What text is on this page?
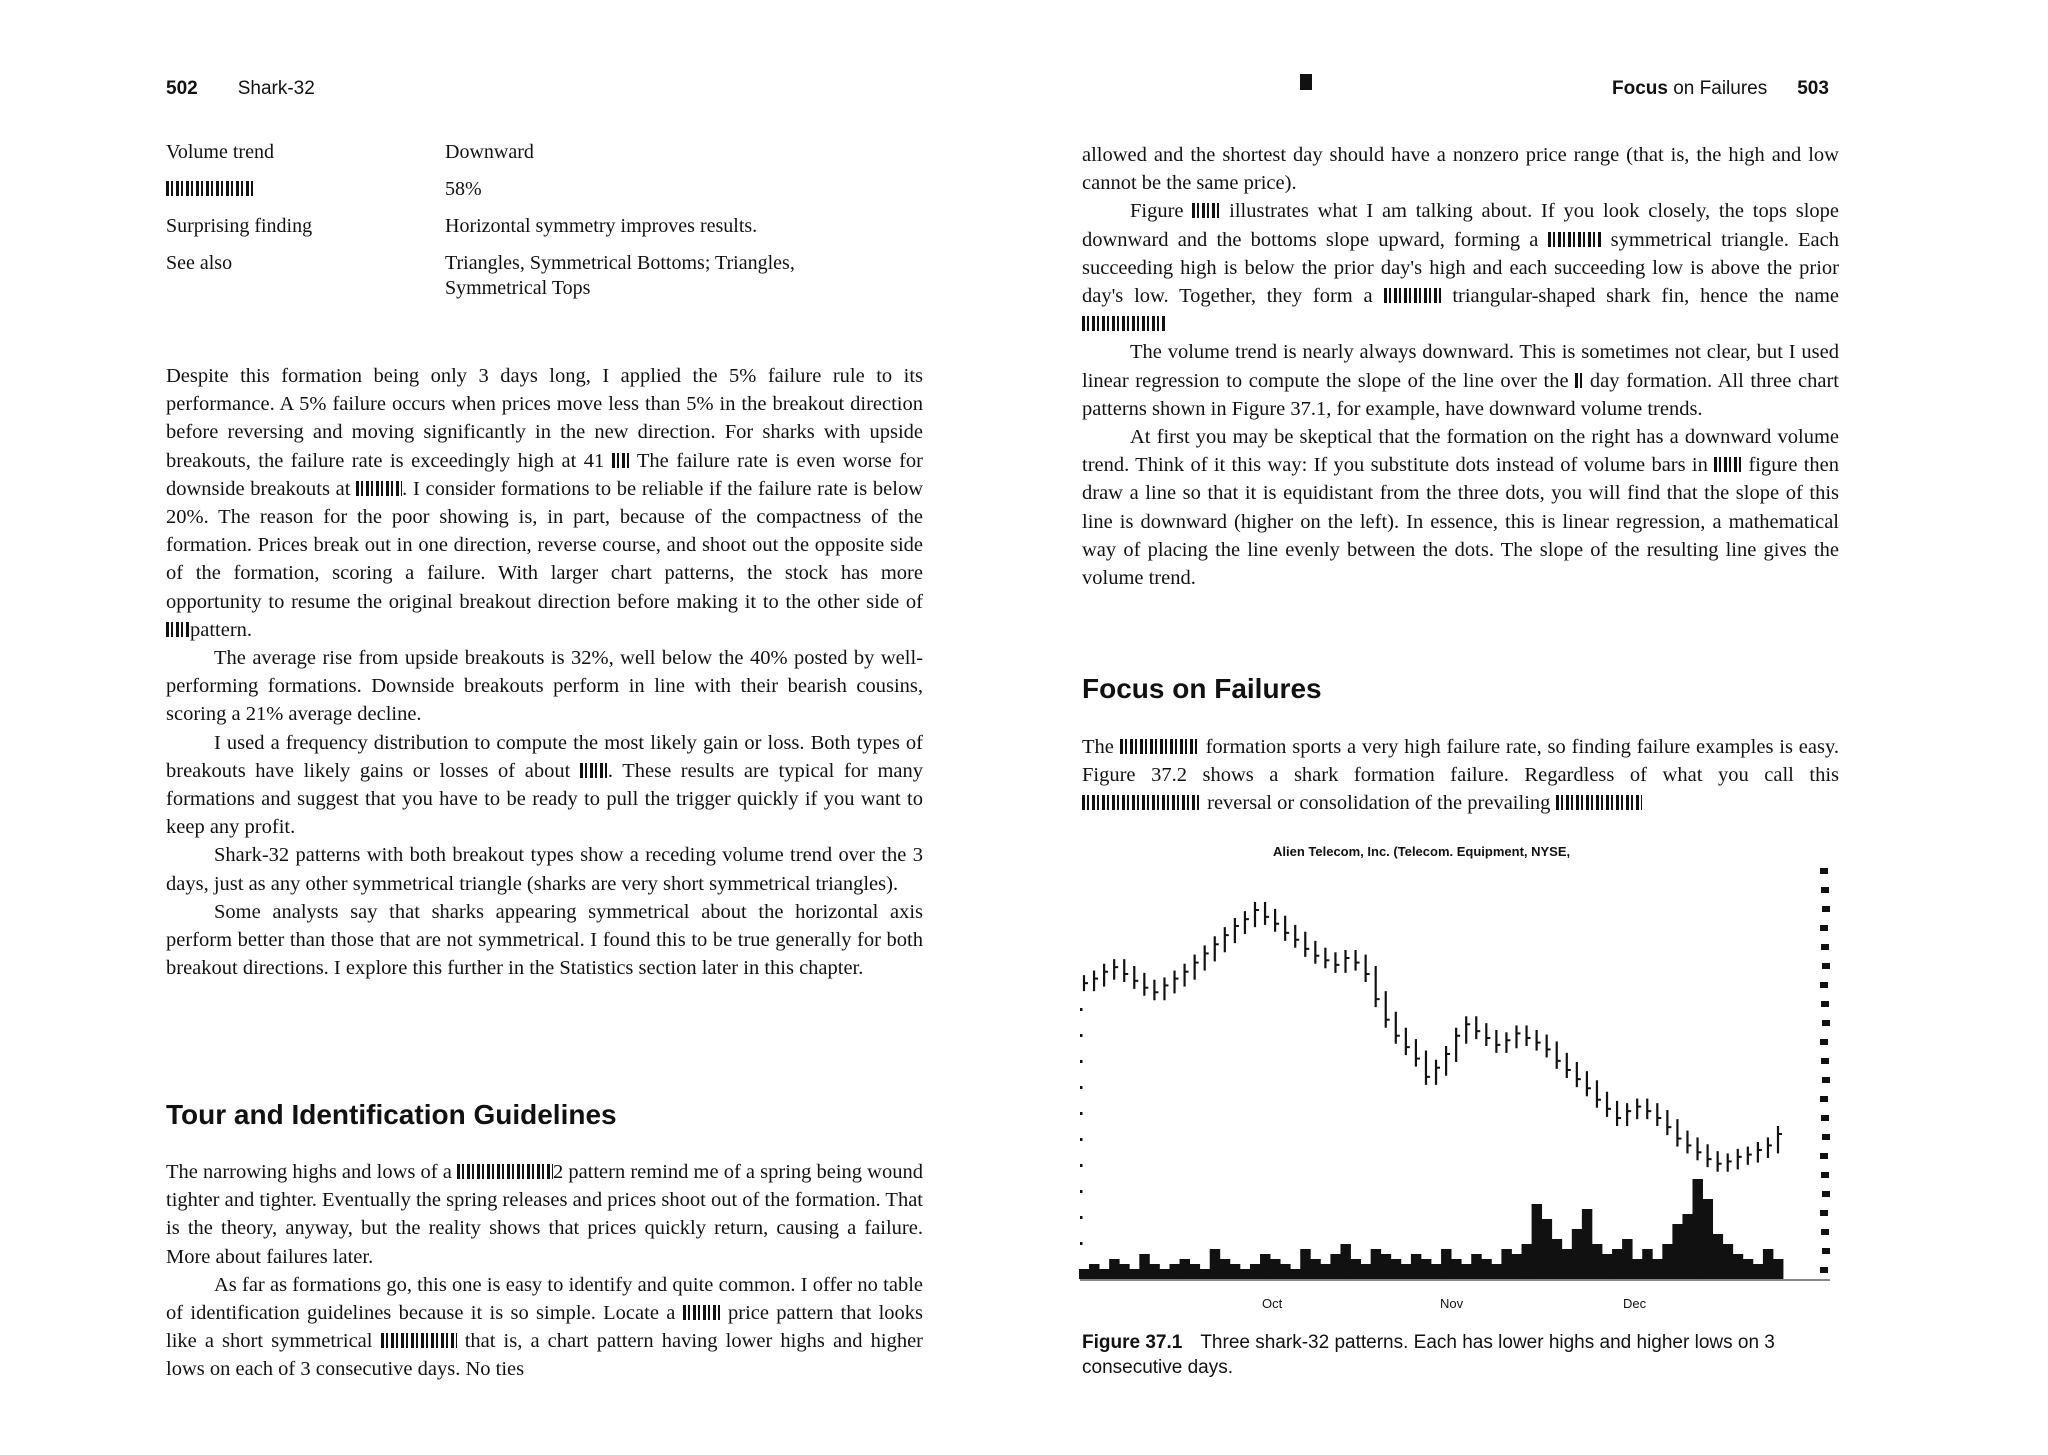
502 Shark-32
Volume trend	Downward
	58%
Surprising finding	Horizontal symmetry improves results.
See also	Triangles, Symmetrical Bottoms; Triangles, Symmetrical Tops

Despite this formation being only 3 days long, I applied the 5% failure rule to its performance. A 5% failure occurs when prices move less than 5% in the breakout direction before reversing and moving significantly in the new direction. For sharks with upside breakouts, the failure rate is exceedingly high at 41 The failure rate is even worse for downside breakouts at	. I consider formations to be reliable if the failure rate is below 20%. The reason for the poor showing is, in part, because of the compactness of the formation. Prices break out in one direction, reverse course, and shoot out the opposite side of the formation, scoring a failure. With larger chart patterns, the stock has more opportunity to resume the original breakout direction before making it to the other side of pattern.

The average rise from upside breakouts is 32%, well below the 40% posted by well-performing formations. Downside breakouts perform in line with their bearish cousins, scoring a 21% average decline.

I used a frequency distribution to compute the most likely gain or loss. Both types of breakouts have likely gains or losses of about . These results are typical for many formations and suggest that you have to be ready to pull the trigger quickly if you want to keep any profit.

Shark-32 patterns with both breakout types show a receding volume trend over the 3 days, just as any other symmetrical triangle (sharks are very short symmetrical triangles).

Some analysts say that sharks appearing symmetrical about the horizontal axis perform better than those that are not symmetrical. I found this to be true generally for both breakout directions. I explore this further in the Statistics section later in this chapter.

Tour and Identification Guidelines

The narrowing highs and lows of a	2 pattern remind me of a spring being wound tighter and tighter. Eventually the spring releases and prices shoot out of the formation. That is the theory, anyway, but the reality shows that prices quickly return, causing a failure. More about failures later.

As far as formations go, this one is easy to identify and quite common. I offer no table of identification guidelines because it is so simple. Locate a	price pattern that looks like a short symmetrical	that is, a chart pattern having lower highs and higher lows on each of 3 consecutive days. No ties

Focus on Failures 503

allowed and the shortest day should have a nonzero price range (that is, the high and low cannot be the same price).

Figure illustrates what I am talking about. If you look closely, the tops slope downward and the bottoms slope upward, forming a	symmetrical triangle. Each succeeding high is below the prior day's high and each succeeding low is above the prior day's low. Together, they form a	triangular-shaped shark fin, hence the name

The volume trend is nearly always downward. This is sometimes not clear, but I used linear regression to compute the slope of the line over the day formation. All three chart patterns shown in Figure 37.1, for example, have downward volume trends.

At first you may be skeptical that the formation on the right has a downward volume trend. Think of it this way: If you substitute dots instead of volume bars in figure then draw a line so that it is equidistant from the three dots, you will find that the slope of this line is downward (higher on the left). In essence, this is linear regression, a mathematical way of placing the line evenly between the dots. The slope of the resulting line gives the volume trend.

Focus on Failures

The	formation sports a very high failure rate, so finding failure examples is easy. Figure 37.2 shows a shark formation failure. Regardless of what you call this  reversal or consolidation of the prevailing

Alien Telecom, Inc. (Telecom. Equipment, NYSE,
Oct	Nov	Dec
Figure 37.1 Three shark-32 patterns. Each has lower highs and higher lows on 3 consecutive days.
